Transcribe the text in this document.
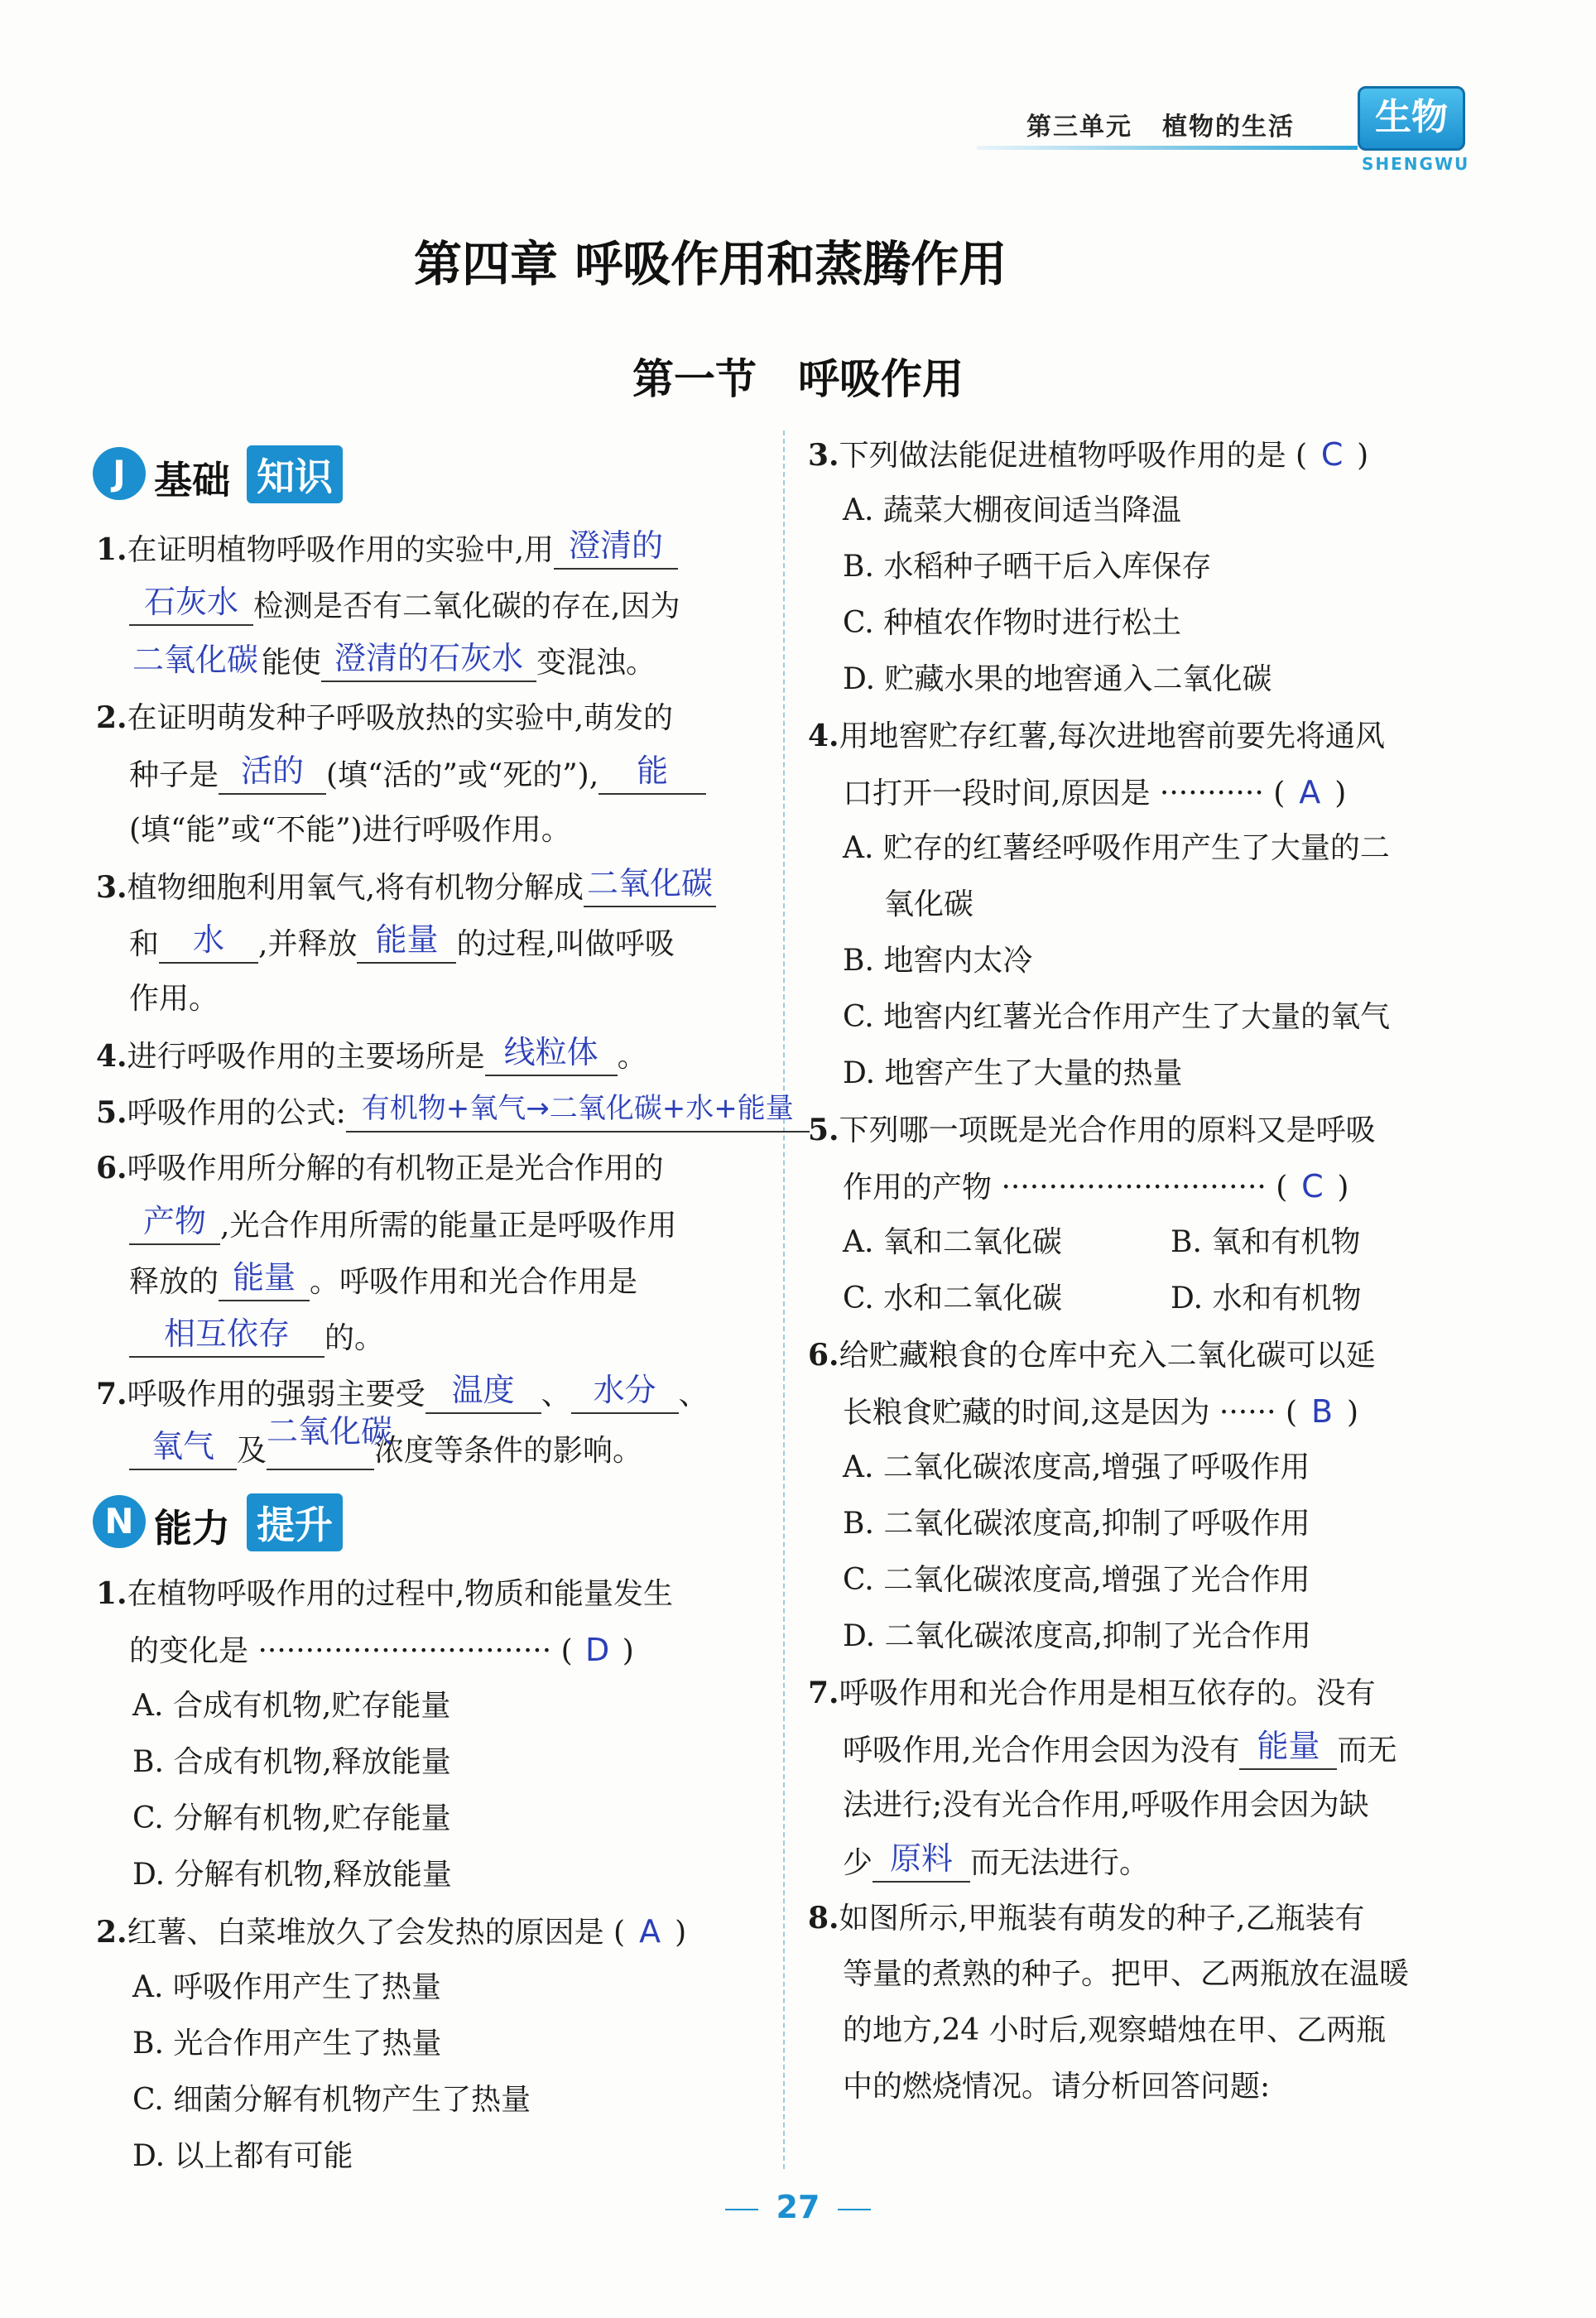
第三单元 植物的生活	生物
SHENGWU
第四章 呼吸作用和蒸腾作用
第一节 呼吸作用
J 基础 知识
1.在证明植物呼吸作用的实验中,用 澄清的
石灰水 检测是否有二氧化碳的存在,因为
二氧化碳 能使 澄清的石灰水 变混浊。
2.在证明萌发种子呼吸放热的实验中,萌发的
种子是 活的 (填“活的”或“死的”),	能
(填“能”或“不能”)进行呼吸作用。
3.植物细胞利用氧气,将有机物分解成 二氧化碳
和	水	,并释放 能量 的过程,叫做呼吸
作用。
4.进行呼吸作用的主要场所是 线粒体 。
5.呼吸作用的公式: 有机物+氧气→二氧化碳+水+能量
6.呼吸作用所分解的有机物正是光合作用的
产物 ,光合作用所需的能量正是呼吸作用
释放的 能量 。呼吸作用和光合作用是
相互依存	的。
7.呼吸作用的强弱主要受 温度 、 水分 、
氧气 及
二氧化碳
浓度等条件的影响。
N 能力 提升
1.在植物呼吸作用的过程中,物质和能量发生
的变化是 ······························· ( D )
A. 合成有机物,贮存能量
B. 合成有机物,释放能量
C. 分解有机物,贮存能量
D. 分解有机物,释放能量
2.红薯、白菜堆放久了会发热的原因是 ( A )
A. 呼吸作用产生了热量
B. 光合作用产生了热量
C. 细菌分解有机物产生了热量
D. 以上都有可能
3.下列做法能促进植物呼吸作用的是 ( C )
A. 蔬菜大棚夜间适当降温
B. 水稻种子晒干后入库保存
C. 种植农作物时进行松土
D. 贮藏水果的地窖通入二氧化碳
4.用地窖贮存红薯,每次进地窖前要先将通风
口打开一段时间,原因是 ··········· ( A )
A. 贮存的红薯经呼吸作用产生了大量的二
氧化碳
B. 地窖内太冷
C. 地窖内红薯光合作用产生了大量的氧气
D. 地窖产生了大量的热量
5.下列哪一项既是光合作用的原料又是呼吸
作用的产物 ···························· ( C )
A. 氧和二氧化碳	B. 氧和有机物
C. 水和二氧化碳	D. 水和有机物
6.给贮藏粮食的仓库中充入二氧化碳可以延
长粮食贮藏的时间,这是因为 ······ ( B )
A. 二氧化碳浓度高,增强了呼吸作用
B. 二氧化碳浓度高,抑制了呼吸作用
C. 二氧化碳浓度高,增强了光合作用
D. 二氧化碳浓度高,抑制了光合作用
7.呼吸作用和光合作用是相互依存的。没有
呼吸作用,光合作用会因为没有 能量 而无
法进行;没有光合作用,呼吸作用会因为缺
少 原料 而无法进行。
8.如图所示,甲瓶装有萌发的种子,乙瓶装有
等量的煮熟的种子。把甲、乙两瓶放在温暖
的地方,24 小时后,观察蜡烛在甲、乙两瓶
中的燃烧情况。请分析回答问题:
27
